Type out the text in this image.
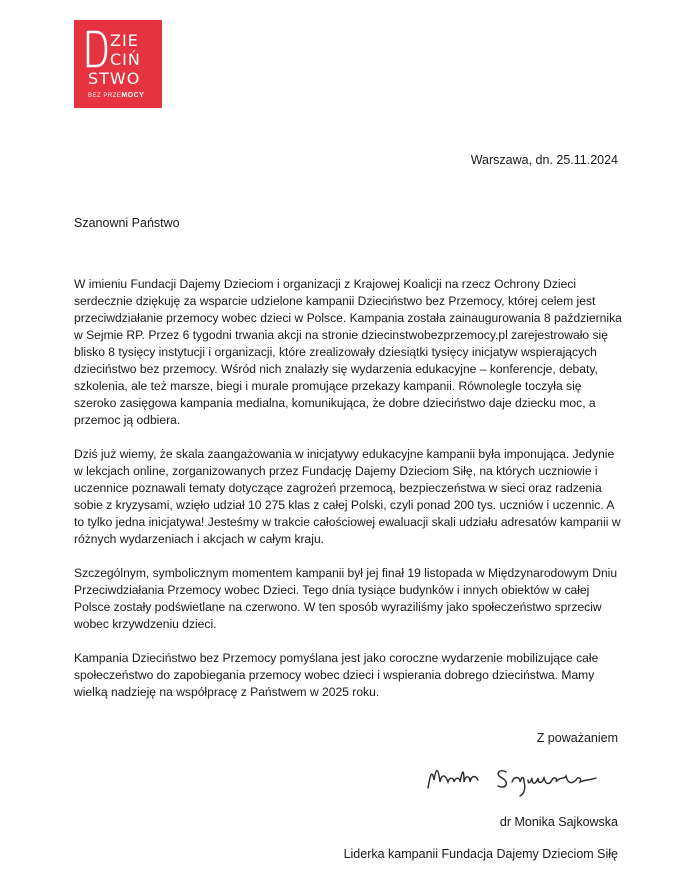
ZIE
CIŃ
STWO
BEZ PRZEMOCY
Warszawa, dn. 25.11.2024
Szanowni Państwo

W imieniu Fundacji Dajemy Dzieciom i organizacji z Krajowej Koalicji na rzecz Ochrony Dzieci serdecznie dziękuję za wsparcie udzielone kampanii Dzieciństwo bez Przemocy, której celem jest przeciwdziałanie przemocy wobec dzieci w Polsce. Kampania została zainaugurowania 8 października w Sejmie RP. Przez 6 tygodni trwania akcji na stronie dziecinstwobezprzemocy.pl zarejestrowało się blisko 8 tysięcy instytucji i organizacji, które zrealizowały dziesiątki tysięcy inicjatyw wspierających dzieciństwo bez przemocy. Wśród nich znalazły się wydarzenia edukacyjne – konferencje, debaty, szkolenia, ale też marsze, biegi i murale promujące przekazy kampanii. Równolegle toczyła się szeroko zasięgowa kampania medialna, komunikująca, że dobre dzieciństwo daje dziecku moc, a przemoc ją odbiera.

Dziś już wiemy, że skala zaangażowania w inicjatywy edukacyjne kampanii była imponująca. Jedynie w lekcjach online, zorganizowanych przez Fundację Dajemy Dzieciom Siłę, na których uczniowie i uczennice poznawali tematy dotyczące zagrożeń przemocą, bezpieczeństwa w sieci oraz radzenia sobie z kryzysami, wzięło udział 10 275 klas z całej Polski, czyli ponad 200 tys. uczniów i uczennic. A to tylko jedna inicjatywa! Jesteśmy w trakcie całościowej ewaluacji skali udziału adresatów kampanii w różnych wydarzeniach i akcjach w całym kraju.

Szczególnym, symbolicznym momentem kampanii był jej finał 19 listopada w Międzynarodowym Dniu Przeciwdziałania Przemocy wobec Dzieci. Tego dnia tysiące budynków i innych obiektów w całej Polsce zostały podświetlane na czerwono. W ten sposób wyraziliśmy jako społeczeństwo sprzeciw wobec krzywdzeniu dzieci.

Kampania Dzieciństwo bez Przemocy pomyślana jest jako coroczne wydarzenie mobilizujące całe społeczeństwo do zapobiegania przemocy wobec dzieci i wspierania dobrego dzieciństwa. Mamy wielką nadzieję na współpracę z Państwem w 2025 roku.

Z poważaniem
dr Monika Sajkowska
Liderka kampanii Fundacja Dajemy Dzieciom Siłę
